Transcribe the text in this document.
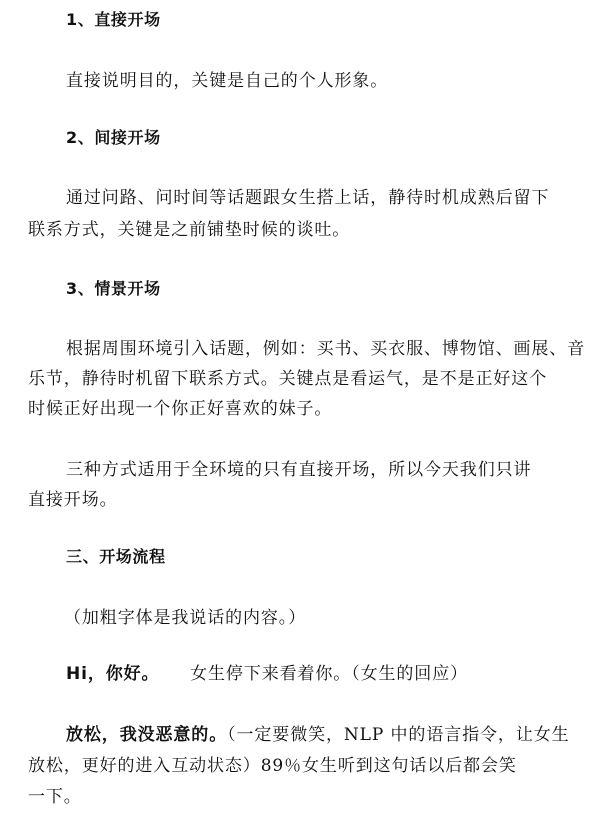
1、直接开场
直接说明目的，关键是自己的个人形象。
2、间接开场
通过问路、问时间等话题跟女生搭上话，静待时机成熟后留下
联系方式，关键是之前铺垫时候的谈吐。
3、情景开场
根据周围环境引入话题，例如：买书、买衣服、博物馆、画展、音
乐节，静待时机留下联系方式。关键点是看运气，是不是正好这个
时候正好出现一个你正好喜欢的妹子。
三种方式适用于全环境的只有直接开场，所以今天我们只讲
直接开场。
三、开场流程
（加粗字体是我说话的内容。）
Hi，你好。 女生停下来看着你。（女生的回应）
放松，我没恶意的。（一定要微笑，NLP 中的语言指令，让女生
放松，更好的进入互动状态）89％女生听到这句话以后都会笑
一下。
